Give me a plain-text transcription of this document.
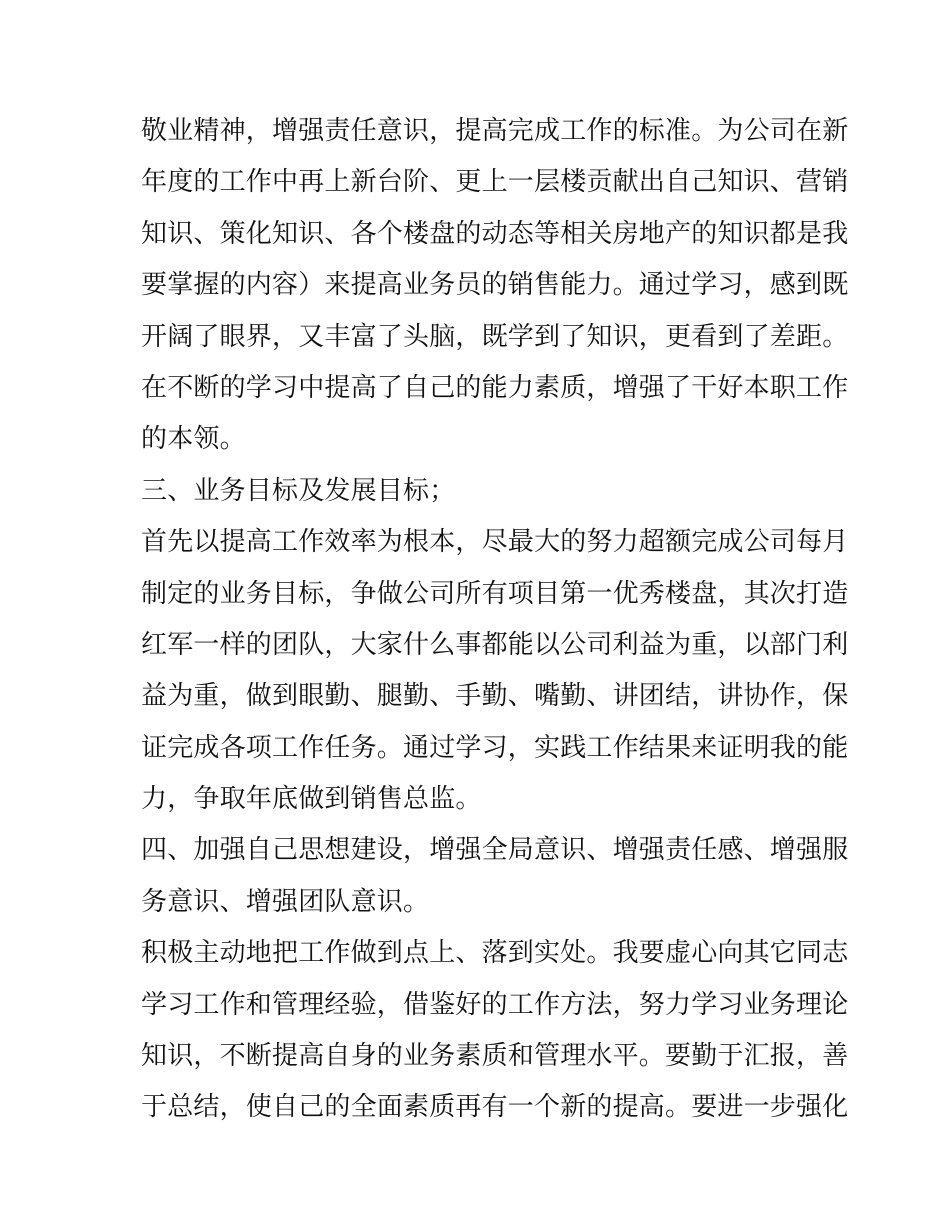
敬业精神，增强责任意识，提高完成工作的标准。为公司在新
年度的工作中再上新台阶、更上一层楼贡献出自己知识、营销
知识、策化知识、各个楼盘的动态等相关房地产的知识都是我
要掌握的内容）来提高业务员的销售能力。通过学习，感到既
开阔了眼界，又丰富了头脑，既学到了知识，更看到了差距。
在不断的学习中提高了自己的能力素质，增强了干好本职工作
的本领。
三、业务目标及发展目标；
首先以提高工作效率为根本，尽最大的努力超额完成公司每月
制定的业务目标，争做公司所有项目第一优秀楼盘，其次打造
红军一样的团队，大家什么事都能以公司利益为重，以部门利
益为重，做到眼勤、腿勤、手勤、嘴勤、讲团结，讲协作，保
证完成各项工作任务。通过学习，实践工作结果来证明我的能
力，争取年底做到销售总监。
四、加强自己思想建设，增强全局意识、增强责任感、增强服
务意识、增强团队意识。
积极主动地把工作做到点上、落到实处。我要虚心向其它同志
学习工作和管理经验，借鉴好的工作方法，努力学习业务理论
知识，不断提高自身的业务素质和管理水平。要勤于汇报，善
于总结，使自己的全面素质再有一个新的提高。要进一步强化
